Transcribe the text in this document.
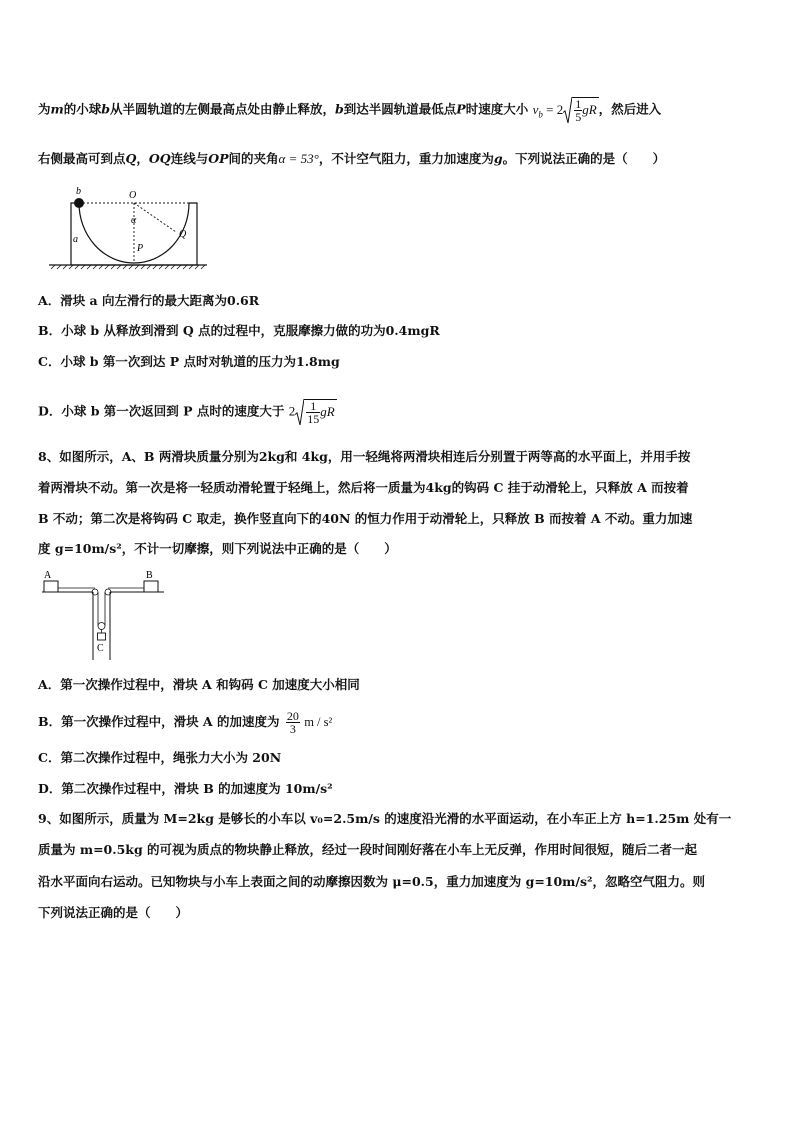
为m的小球b从半圆轨道的左侧最高点处由静止释放，b到达半圆轨道最低点P时速度大小 $v_b = 2 \frac{1}{5}$ gR ，然后进入
右侧最高可到点Q，OQ连线与OP间的夹角α = 53°，不计空气阻力，重力加速度为g。下列说法正确的是（　　）
b	O
α
Q
a
P
A．滑块 a 向左滑行的最大距离为0.6R
B．小球 b 从释放到滑到 Q 点的过程中，克服摩擦力做的功为0.4mgR
C．小球 b 第一次到达 P 点时对轨道的压力为1.8mg
D．小球 b 第一次返回到 P 点时的速度大于 $2 \frac{1}{15}$ gR
8、如图所示，A、B 两滑块质量分别为2kg和 4kg，用一轻绳将两滑块相连后分别置于两等高的水平面上，并用手按
着两滑块不动。第一次是将一轻质动滑轮置于轻绳上，然后将一质量为4kg的钩码 C 挂于动滑轮上，只释放 A 而按着
B 不动；第二次是将钩码 C 取走，换作竖直向下的40N 的恒力作用于动滑轮上，只释放 B 而按着 A 不动。重力加速
度 g=10m/s²，不计一切摩擦，则下列说法中正确的是（　　）
A	B
C
A．第一次操作过程中，滑块 A 和钩码 C 加速度大小相同
B．第一次操作过程中，滑块 A 的加速度为 $\frac{20}{3}$ m / s²
C．第二次操作过程中，绳张力大小为 20N
D．第二次操作过程中，滑块 B 的加速度为 10m/s²
9、如图所示，质量为 M=2kg 是够长的小车以 v₀=2.5m/s 的速度沿光滑的水平面运动，在小车正上方 h=1.25m 处有一
质量为 m=0.5kg 的可视为质点的物块静止释放，经过一段时间刚好落在小车上无反弹，作用时间很短，随后二者一起
沿水平面向右运动。已知物块与小车上表面之间的动摩擦因数为 μ=0.5，重力加速度为 g=10m/s²，忽略空气阻力。则
下列说法正确的是（　　）
